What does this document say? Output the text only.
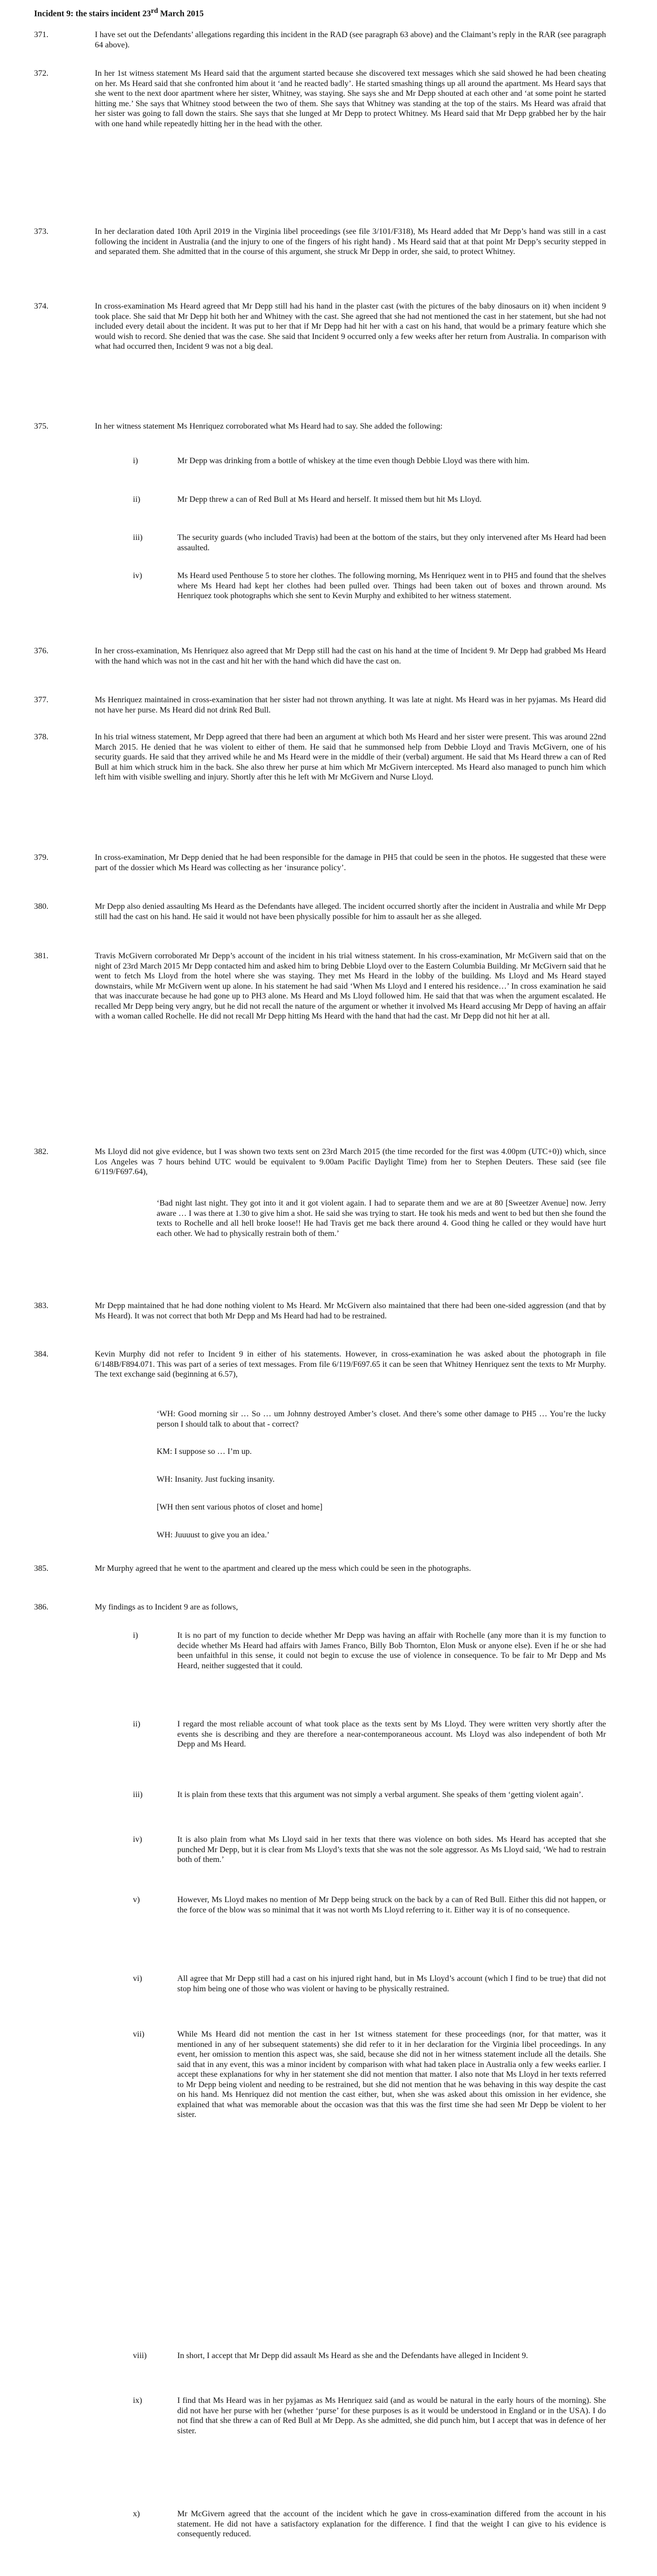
Incident 9: the stairs incident 23rd March 2015
371.	I have set out the Defendants’ allegations regarding this incident in the RAD (see paragraph 63 above) and the Claimant’s reply in the RAR (see paragraph 64 above).
372.	In her 1st witness statement Ms Heard said that the argument started because she discovered text messages which she said showed he had been cheating on her. Ms Heard said that she confronted him about it ‘and he reacted badly’. He started smashing things up all around the apartment. Ms Heard says that she went to the next door apartment where her sister, Whitney, was staying. She says she and Mr Depp shouted at each other and ‘at some point he started hitting me.’ She says that Whitney stood between the two of them. She says that Whitney was standing at the top of the stairs. Ms Heard was afraid that her sister was going to fall down the stairs. She says that she lunged at Mr Depp to protect Whitney. Ms Heard said that Mr Depp grabbed her by the hair with one hand while repeatedly hitting her in the head with the other.
373.	In her declaration dated 10th April 2019 in the Virginia libel proceedings (see file 3/101/F318), Ms Heard added that Mr Depp’s hand was still in a cast following the incident in Australia (and the injury to one of the fingers of his right hand) . Ms Heard said that at that point Mr Depp’s security stepped in and separated them. She admitted that in the course of this argument, she struck Mr Depp in order, she said, to protect Whitney.
374.	In cross-examination Ms Heard agreed that Mr Depp still had his hand in the plaster cast (with the pictures of the baby dinosaurs on it) when incident 9 took place. She said that Mr Depp hit both her and Whitney with the cast. She agreed that she had not mentioned the cast in her statement, but she had not included every detail about the incident. It was put to her that if Mr Depp had hit her with a cast on his hand, that would be a primary feature which she would wish to record. She denied that was the case. She said that Incident 9 occurred only a few weeks after her return from Australia. In comparison with what had occurred then, Incident 9 was not a big deal.
375.	In her witness statement Ms Henriquez corroborated what Ms Heard had to say. She added the following:
i)	Mr Depp was drinking from a bottle of whiskey at the time even though Debbie Lloyd was there with him.
ii)	Mr Depp threw a can of Red Bull at Ms Heard and herself. It missed them but hit Ms Lloyd.
iii)	The security guards (who included Travis) had been at the bottom of the stairs, but they only intervened after Ms Heard had been assaulted.
iv)	Ms Heard used Penthouse 5 to store her clothes. The following morning, Ms Henriquez went in to PH5 and found that the shelves where Ms Heard had kept her clothes had been pulled over. Things had been taken out of boxes and thrown around. Ms Henriquez took photographs which she sent to Kevin Murphy and exhibited to her witness statement.
376.	In her cross-examination, Ms Henriquez also agreed that Mr Depp still had the cast on his hand at the time of Incident 9. Mr Depp had grabbed Ms Heard with the hand which was not in the cast and hit her with the hand which did have the cast on.
377.	Ms Henriquez maintained in cross-examination that her sister had not thrown anything. It was late at night. Ms Heard was in her pyjamas. Ms Heard did not have her purse. Ms Heard did not drink Red Bull.
378.	In his trial witness statement, Mr Depp agreed that there had been an argument at which both Ms Heard and her sister were present. This was around 22nd March 2015. He denied that he was violent to either of them. He said that he summonsed help from Debbie Lloyd and Travis McGivern, one of his security guards. He said that they arrived while he and Ms Heard were in the middle of their (verbal) argument. He said that Ms Heard threw a can of Red Bull at him which struck him in the back. She also threw her purse at him which Mr McGivern intercepted. Ms Heard also managed to punch him which left him with visible swelling and injury. Shortly after this he left with Mr McGivern and Nurse Lloyd.
379.	In cross-examination, Mr Depp denied that he had been responsible for the damage in PH5 that could be seen in the photos. He suggested that these were part of the dossier which Ms Heard was collecting as her ‘insurance policy’.
380.	Mr Depp also denied assaulting Ms Heard as the Defendants have alleged. The incident occurred shortly after the incident in Australia and while Mr Depp still had the cast on his hand. He said it would not have been physically possible for him to assault her as she alleged.
381.	Travis McGivern corroborated Mr Depp’s account of the incident in his trial witness statement. In his cross-examination, Mr McGivern said that on the night of 23rd March 2015 Mr Depp contacted him and asked him to bring Debbie Lloyd over to the Eastern Columbia Building. Mr McGivern said that he went to fetch Ms Lloyd from the hotel where she was staying. They met Ms Heard in the lobby of the building. Ms Lloyd and Ms Heard stayed downstairs, while Mr McGivern went up alone. In his statement he had said ‘When Ms Lloyd and I entered his residence…’ In cross examination he said that was inaccurate because he had gone up to PH3 alone. Ms Heard and Ms Lloyd followed him. He said that that was when the argument escalated. He recalled Mr Depp being very angry, but he did not recall the nature of the argument or whether it involved Ms Heard accusing Mr Depp of having an affair with a woman called Rochelle. He did not recall Mr Depp hitting Ms Heard with the hand that had the cast. Mr Depp did not hit her at all.
382.	Ms Lloyd did not give evidence, but I was shown two texts sent on 23rd March 2015 (the time recorded for the first was 4.00pm (UTC+0)) which, since Los Angeles was 7 hours behind UTC would be equivalent to 9.00am Pacific Daylight Time) from her to Stephen Deuters. These said (see file 6/119/F697.64),
‘Bad night last night. They got into it and it got violent again. I had to separate them and we are at 80 [Sweetzer Avenue] now. Jerry aware … I was there at 1.30 to give him a shot. He said she was trying to start. He took his meds and went to bed but then she found the texts to Rochelle and all hell broke loose!! He had Travis get me back there around 4. Good thing he called or they would have hurt each other. We had to physically restrain both of them.’
383.	Mr Depp maintained that he had done nothing violent to Ms Heard. Mr McGivern also maintained that there had been one-sided aggression (and that by Ms Heard). It was not correct that both Mr Depp and Ms Heard had had to be restrained.
384.	Kevin Murphy did not refer to Incident 9 in either of his statements. However, in cross-examination he was asked about the photograph in file 6/148B/F894.071. This was part of a series of text messages. From file 6/119/F697.65 it can be seen that Whitney Henriquez sent the texts to Mr Murphy. The text exchange said (beginning at 6.57),
‘WH: Good morning sir … So … um Johnny destroyed Amber’s closet. And there’s some other damage to PH5 … You’re the lucky person I should talk to about that - correct?
KM: I suppose so … I’m up.
WH: Insanity. Just fucking insanity.
[WH then sent various photos of closet and home]
WH: Juuuust to give you an idea.’
385.	Mr Murphy agreed that he went to the apartment and cleared up the mess which could be seen in the photographs.
386.	My findings as to Incident 9 are as follows,
i)	It is no part of my function to decide whether Mr Depp was having an affair with Rochelle (any more than it is my function to decide whether Ms Heard had affairs with James Franco, Billy Bob Thornton, Elon Musk or anyone else). Even if he or she had been unfaithful in this sense, it could not begin to excuse the use of violence in consequence. To be fair to Mr Depp and Ms Heard, neither suggested that it could.
ii)	I regard the most reliable account of what took place as the texts sent by Ms Lloyd. They were written very shortly after the events she is describing and they are therefore a near-contemporaneous account. Ms Lloyd was also independent of both Mr Depp and Ms Heard.
iii)	It is plain from these texts that this argument was not simply a verbal argument. She speaks of them ‘getting violent again’.
iv)	It is also plain from what Ms Lloyd said in her texts that there was violence on both sides. Ms Heard has accepted that she punched Mr Depp, but it is clear from Ms Lloyd’s texts that she was not the sole aggressor. As Ms Lloyd said, ‘We had to restrain both of them.’
v)	However, Ms Lloyd makes no mention of Mr Depp being struck on the back by a can of Red Bull. Either this did not happen, or the force of the blow was so minimal that it was not worth Ms Lloyd referring to it. Either way it is of no consequence.
vi)	All agree that Mr Depp still had a cast on his injured right hand, but in Ms Lloyd’s account (which I find to be true) that did not stop him being one of those who was violent or having to be physically restrained.
vii)	While Ms Heard did not mention the cast in her 1st witness statement for these proceedings (nor, for that matter, was it mentioned in any of her subsequent statements) she did refer to it in her declaration for the Virginia libel proceedings. In any event, her omission to mention this aspect was, she said, because she did not in her witness statement include all the details. She said that in any event, this was a minor incident by comparison with what had taken place in Australia only a few weeks earlier. I accept these explanations for why in her statement she did not mention that matter. I also note that Ms Lloyd in her texts referred to Mr Depp being violent and needing to be restrained, but she did not mention that he was behaving in this way despite the cast on his hand. Ms Henriquez did not mention the cast either, but, when she was asked about this omission in her evidence, she explained that what was memorable about the occasion was that this was the first time she had seen Mr Depp be violent to her sister.
viii)	In short, I accept that Mr Depp did assault Ms Heard as she and the Defendants have alleged in Incident 9.
ix)	I find that Ms Heard was in her pyjamas as Ms Henriquez said (and as would be natural in the early hours of the morning). She did not have her purse with her (whether ‘purse’ for these purposes is as it would be understood in England or in the USA). I do not find that she threw a can of Red Bull at Mr Depp. As she admitted, she did punch him, but I accept that was in defence of her sister.
x)	Mr McGivern agreed that the account of the incident which he gave in cross-examination differed from the account in his statement. He did not have a satisfactory explanation for the difference. I find that the weight I can give to his evidence is consequently reduced.
